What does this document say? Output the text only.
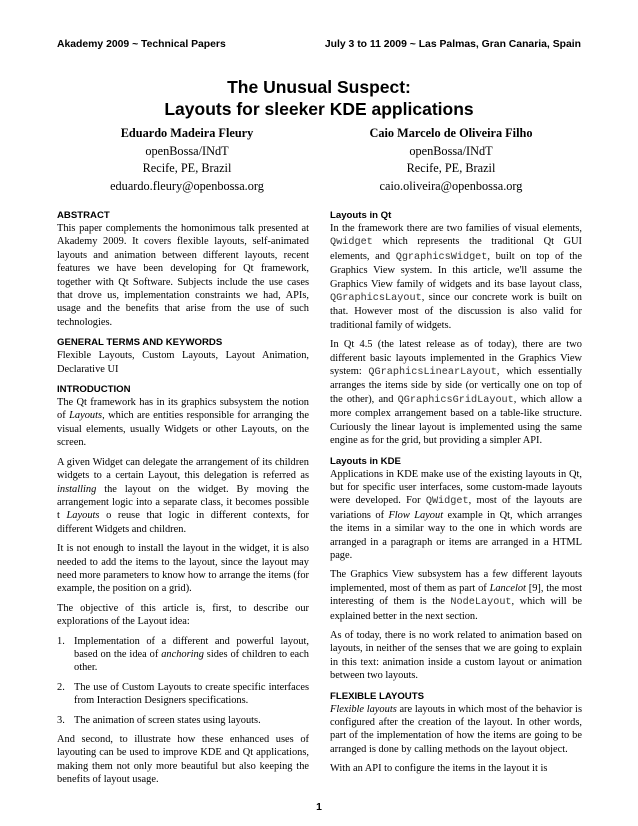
Akademy 2009 ~ Technical Papers	July 3 to 11 2009 ~ Las Palmas, Gran Canaria, Spain
The Unusual Suspect:
Layouts for sleeker KDE applications
Eduardo Madeira Fleury
openBossa/INdT
Recife, PE, Brazil
eduardo.fleury@openbossa.org
Caio Marcelo de Oliveira Filho
openBossa/INdT
Recife, PE, Brazil
caio.oliveira@openbossa.org
ABSTRACT

This paper complements the homonimous talk presented at Akademy 2009. It covers flexible layouts, self-animated layouts and animation between different layouts, recent features we have been developing for Qt framework, together with Qt Software. Subjects include the use cases that drove us, implementation constraints we had, APIs, usage and the benefits that arise from the use of such technologies.

GENERAL TERMS AND KEYWORDS

Flexible Layouts, Custom Layouts, Layout Animation, Declarative UI

INTRODUCTION

The Qt framework has in its graphics subsystem the notion of Layouts, which are entities responsible for arranging the visual elements, usually Widgets or other Layouts, on the screen.

A given Widget can delegate the arrangement of its children widgets to a certain Layout, this delegation is referred as installing the layout on the widget. By moving the arrangement logic into a separate class, it becomes possible t Layouts o reuse that logic in different contexts, for different Widgets and children.

It is not enough to install the layout in the widget, it is also needed to add the items to the layout, since the layout may need more parameters to know how to arrange the items (for example, the position on a grid).

The objective of this article is, first, to describe our explorations of the Layout idea:

1. Implementation of a different and powerful layout, based on the idea of anchoring sides of children to each other.
2. The use of Custom Layouts to create specific interfaces from Interaction Designers specifications.
3. The animation of screen states using layouts.

And second, to illustrate how these enhanced uses of layouting can be used to improve KDE and Qt applications, making them not only more beautiful but also keeping the benefits of layout usage.

Layouts in Qt

In the framework there are two families of visual elements, Qwidget which represents the traditional Qt GUI elements, and QgraphicsWidget, built on top of the Graphics View system. In this article, we'll assume the Graphics View family of widgets and its base layout class, QGraphicsLayout, since our concrete work is built on that. However most of the discussion is also valid for traditional family of widgets.

In Qt 4.5 (the latest release as of today), there are two different basic layouts implemented in the Graphics View system: QGraphicsLinearLayout, which essentially arranges the items side by side (or vertically one on top of the other), and QGraphicsGridLayout, which allow a more complex arrangement based on a table-like structure. Curiously the linear layout is implemented using the same engine as for the grid, but providing a simpler API.

Layouts in KDE

Applications in KDE make use of the existing layouts in Qt, but for specific user interfaces, some custom-made layouts were developed. For QWidget, most of the layouts are variations of Flow Layout example in Qt, which arranges the items in a similar way to the one in which words are arranged in a paragraph or items are arranged in a HTML page.

The Graphics View subsystem has a few different layouts implemented, most of them as part of Lancelot [9], the most interesting of them is the NodeLayout, which will be explained better in the next section.

As of today, there is no work related to animation based on layouts, in neither of the senses that we are going to explain in this text: animation inside a custom layout or animation between two layouts.

FLEXIBLE LAYOUTS

Flexible layouts are layouts in which most of the behavior is configured after the creation of the layout. In other words, part of the implementation of how the items are going to be arranged is done by calling methods on the layout object.

With an API to configure the items in the layout it is

1
